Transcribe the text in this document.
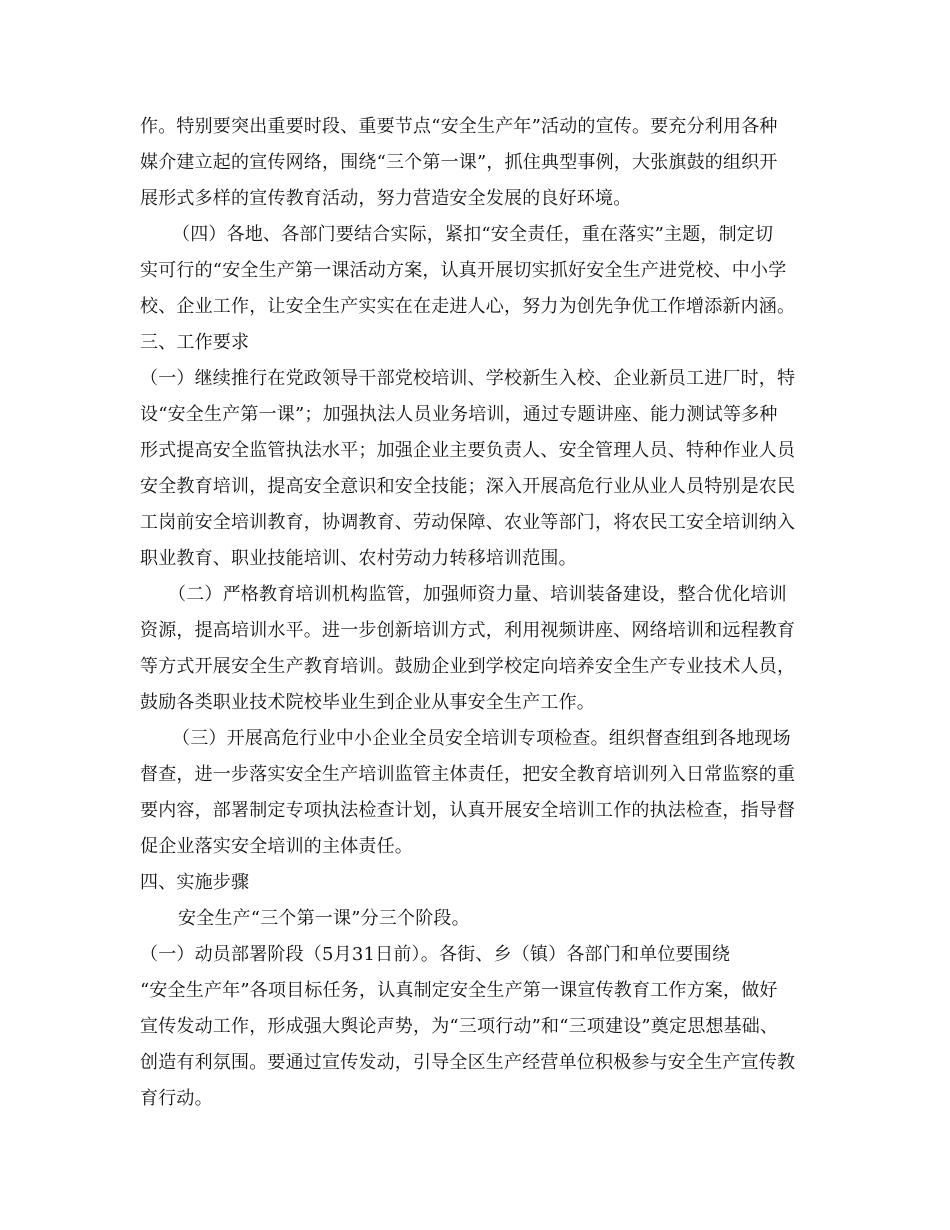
作。特别要突出重要时段、重要节点“安全生产年”活动的宣传。要充分利用各种
媒介建立起的宣传网络，围绕“三个第一课”，抓住典型事例，大张旗鼓的组织开
展形式多样的宣传教育活动，努力营造安全发展的良好环境。
（四）各地、各部门要结合实际，紧扣“安全责任，重在落实”主题，制定切
实可行的“安全生产第一课活动方案，认真开展切实抓好安全生产进党校、中小学
校、企业工作，让安全生产实实在在走进人心，努力为创先争优工作增添新内涵。
三、工作要求
（一）继续推行在党政领导干部党校培训、学校新生入校、企业新员工进厂时，特
设“安全生产第一课”；加强执法人员业务培训，通过专题讲座、能力测试等多种
形式提高安全监管执法水平；加强企业主要负责人、安全管理人员、特种作业人员
安全教育培训，提高安全意识和安全技能；深入开展高危行业从业人员特别是农民
工岗前安全培训教育，协调教育、劳动保障、农业等部门，将农民工安全培训纳入
职业教育、职业技能培训、农村劳动力转移培训范围。
（二）严格教育培训机构监管，加强师资力量、培训装备建设，整合优化培训
资源，提高培训水平。进一步创新培训方式，利用视频讲座、网络培训和远程教育
等方式开展安全生产教育培训。鼓励企业到学校定向培养安全生产专业技术人员，
鼓励各类职业技术院校毕业生到企业从事安全生产工作。
（三）开展高危行业中小企业全员安全培训专项检查。组织督查组到各地现场
督查，进一步落实安全生产培训监管主体责任，把安全教育培训列入日常监察的重
要内容，部署制定专项执法检查计划，认真开展安全培训工作的执法检查，指导督
促企业落实安全培训的主体责任。
四、实施步骤
安全生产“三个第一课”分三个阶段。
（一）动员部署阶段（5月31日前）。各街、乡（镇）各部门和单位要围绕
“安全生产年”各项目标任务，认真制定安全生产第一课宣传教育工作方案，做好
宣传发动工作，形成强大舆论声势，为“三项行动”和“三项建设”奠定思想基础、
创造有利氛围。要通过宣传发动，引导全区生产经营单位积极参与安全生产宣传教
育行动。
